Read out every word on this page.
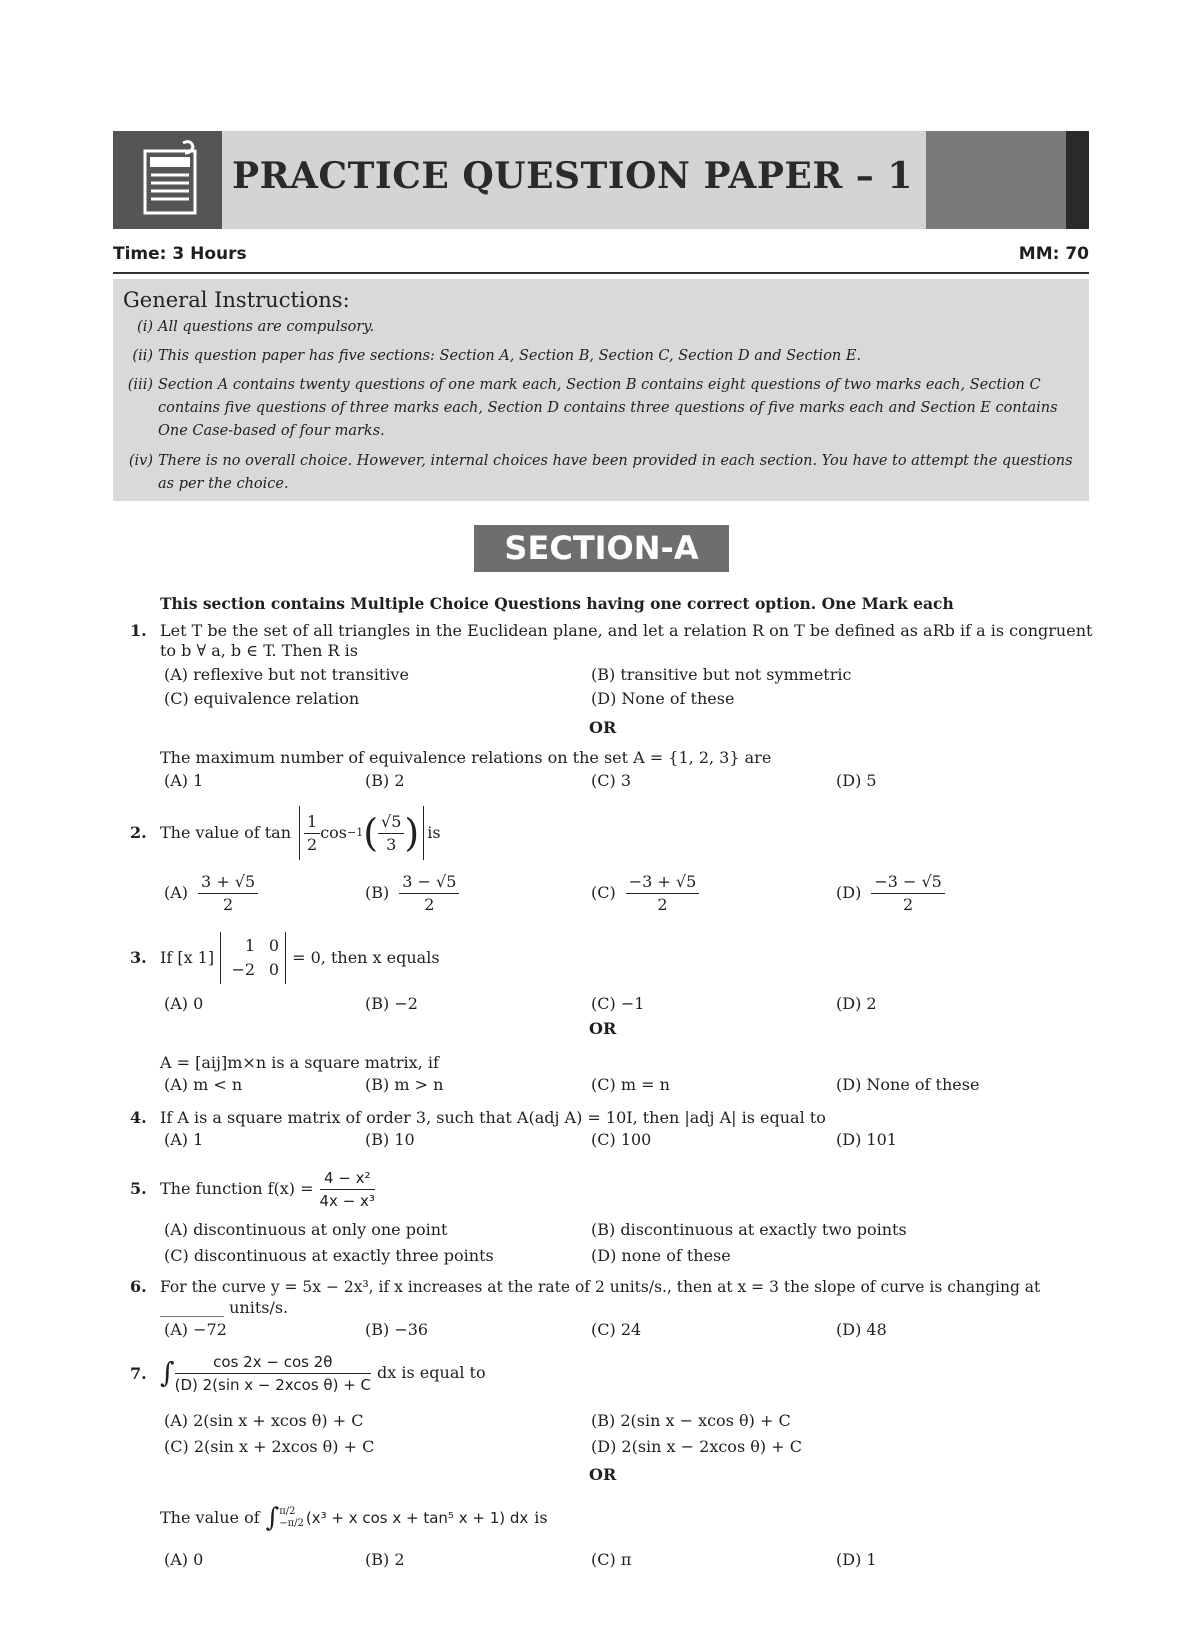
PRACTICE QUESTION PAPER – 1
Time: 3 Hours	MM: 70
General Instructions:
(i) All questions are compulsory.
(ii) This question paper has five sections: Section A, Section B, Section C, Section D and Section E.
(iii) Section A contains twenty questions of one mark each, Section B contains eight questions of two marks each, Section C contains five questions of three marks each, Section D contains three questions of five marks each and Section E contains One Case-based of four marks.
(iv) There is no overall choice. However, internal choices have been provided in each section. You have to attempt the questions as per the choice.
SECTION-A
This section contains Multiple Choice Questions having one correct option. One Mark each
1. Let T be the set of all triangles in the Euclidean plane, and let a relation R on T be defined as aRb if a is congruent
to b ∀ a, b ∈ T. Then R is
(A) reflexive but not transitive	(B) transitive but not symmetric
(C) equivalence relation	(D) None of these
OR
The maximum number of equivalence relations on the set A = {1, 2, 3} are
(A) 1	(B) 2	(C) 3	(D) 5
2. The value of $\tan \frac{1}{2}$ cos −1 ( $\frac{√5}{3}$ ) is
$(A) \frac{3 + √5}{2}$	$(B) \frac{3 - √5}{2}$	$(C) \frac{-3 + √5}{2}$	$(D) \frac{-3 - √5}{2}$
3. If [x 1]
1 0
−2 0
= 0, then x equals
(A) 0	(B) −2	(C) −1	(D) 2
OR
A = [aij]m×n is a square matrix, if
(A) m < n	(B) m > n	(C) m = n	(D) None of these
4. If A is a square matrix of order 3, such that A(adj A) = 10I, then |adj A| is equal to
(A) 1	(B) 10	(C) 100	(D) 101
5. The function $f(x) = \frac{\text{4 − x²}}{\text{4x − x³}}$
(A) discontinuous at only one point	(B) discontinuous at exactly two points
(C) discontinuous at exactly three points	(D) none of these
6. For the curve y = 5x − 2x³, if x increases at the rate of 2 units/s., then at x = 3 the slope of curve is changing at
________ units/s.
(A) −72	(B) −36	(C) 24	(D) 48
7. ∫ $\frac{\cos 2x - \cos 2\theta}{\text{(D) 2(sin x − 2xcos θ) + C}}$ dx is equal to
(A) 2(sin x + xcos θ) + C	(B) 2(sin x − xcos θ) + C
(C) 2(sin x + 2xcos θ) + C	(D) 2(sin x − 2xcos θ) + C
OR
The value of ∫ π/2
−π/2 (x³ + x cos x + tan⁵ x + 1) dx is
(A) 0	(B) 2	(C) π	(D) 1
